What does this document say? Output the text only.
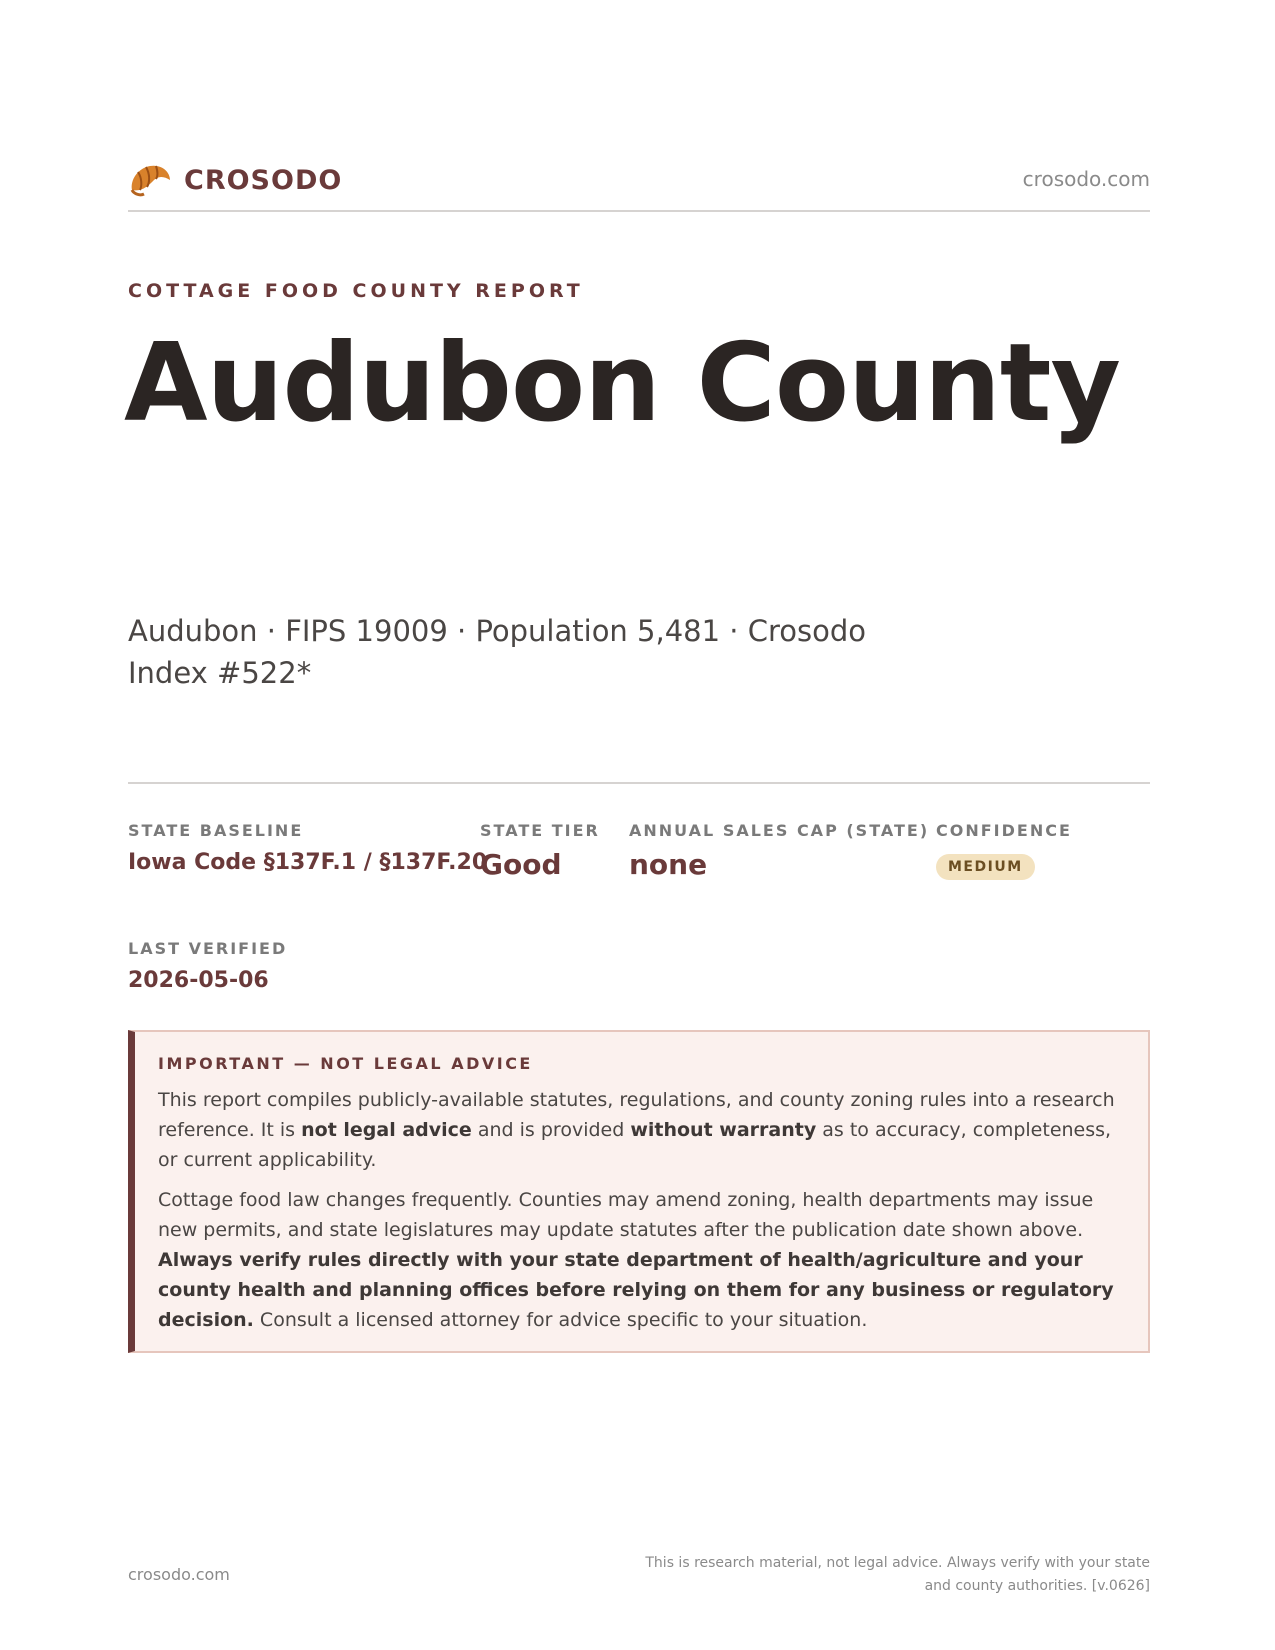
CROSODO	crosodo.com
COTTAGE FOOD COUNTY REPORT
Audubon County
Audubon · FIPS 19009 · Population 5,481 · Crosodo Index #522*
STATE BASELINE
Iowa Code §137F.1 / §137F.20
STATE TIER
Good
ANNUAL SALES CAP (STATE)
none
CONFIDENCE
MEDIUM
LAST VERIFIED
2026-05-06
IMPORTANT — NOT LEGAL ADVICE

This report compiles publicly-available statutes, regulations, and county zoning rules into a research reference. It is not legal advice and is provided without warranty as to accuracy, completeness, or current applicability.

Cottage food law changes frequently. Counties may amend zoning, health departments may issue new permits, and state legislatures may update statutes after the publication date shown above. Always verify rules directly with your state department of health/agriculture and your county health and planning offices before relying on them for any business or regulatory decision. Consult a licensed attorney for advice specific to your situation.

crosodo.com
This is research material, not legal advice. Always verify with your state and county authorities. [v.0626]
